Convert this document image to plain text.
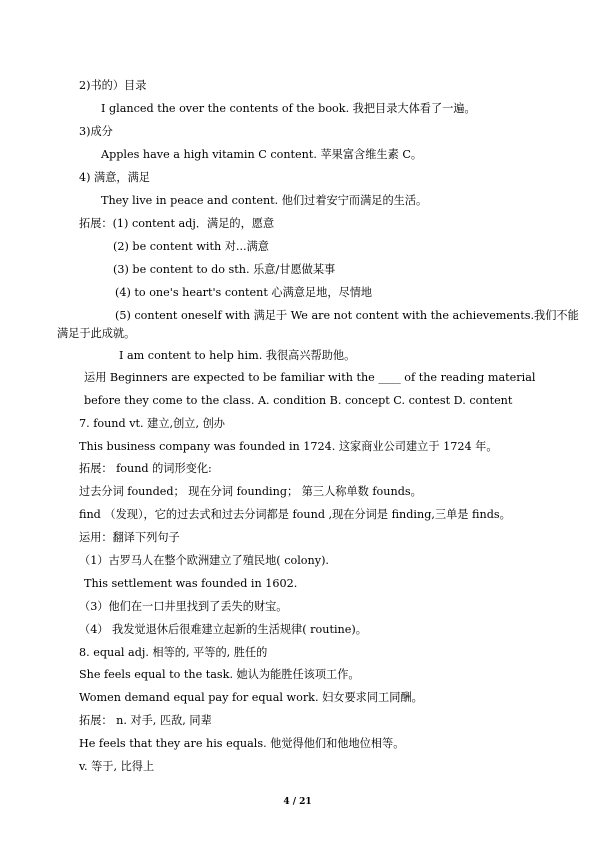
2)书的）目录
I glanced the over the contents of the book. 我把目录大体看了一遍。
3)成分
Apples have a high vitamin C content. 苹果富含维生素 C。
4) 满意，满足
They live in peace and content. 他们过着安宁而满足的生活。
拓展：(1) content adj．满足的，愿意
(2) be content with 对...满意
(3) be content to do sth. 乐意/甘愿做某事
(4) to one's heart's content 心满意足地，尽情地
(5) content oneself with 满足于 We are not content with the achievements.我们不能
满足于此成就。
I am content to help him. 我很高兴帮助他。
运用 Beginners are expected to be familiar with the ____ of the reading material
before they come to the class. A. condition B. concept C. contest D. content
7. found vt. 建立,创立, 创办
This business company was founded in 1724. 这家商业公司建立于 1724 年。
拓展： found 的词形变化:
过去分词 founded； 现在分词 founding； 第三人称单数 founds。
find （发现），它的过去式和过去分词都是 found ,现在分词是 finding,三单是 finds。
运用：翻译下列句子
（1）古罗马人在整个欧洲建立了殖民地( colony).
This settlement was founded in 1602.
（3）他们在一口井里找到了丢失的财宝。
（4） 我发觉退休后很难建立起新的生活规律( routine)。
8. equal adj. 相等的, 平等的, 胜任的
She feels equal to the task. 她认为能胜任该项工作。
Women demand equal pay for equal work. 妇女要求同工同酬。
拓展： n. 对手, 匹敌, 同辈
He feels that they are his equals. 他觉得他们和他地位相等。
v. 等于, 比得上
4 / 21
